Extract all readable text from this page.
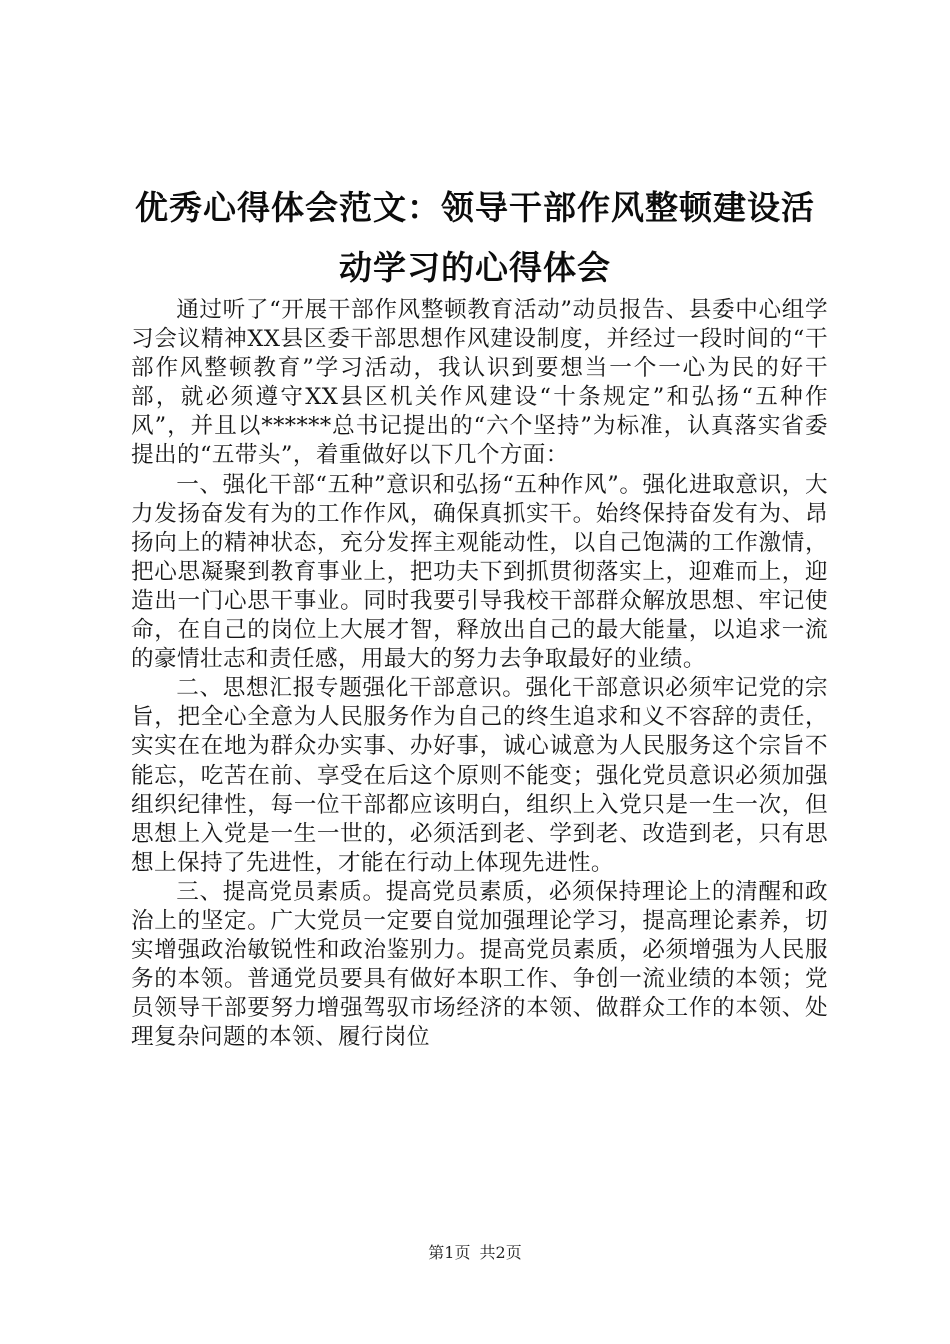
优秀心得体会范文：领导干部作风整顿建设活
动学习的心得体会

通过听了“开展干部作风整顿教育活动”动员报告、县委中心组学习会议精神XX县区委干部思想作风建设制度，并经过一段时间的“干部作风整顿教育”学习活动，我认识到要想当一个一心为民的好干部，就必须遵守XX县区机关作风建设“十条规定”和弘扬“五种作风”，并且以******总书记提出的“六个坚持”为标准，认真落实省委提出的“五带头”，着重做好以下几个方面：

一、强化干部“五种”意识和弘扬“五种作风”。强化进取意识，大力发扬奋发有为的工作作风，确保真抓实干。始终保持奋发有为、昂扬向上的精神状态，充分发挥主观能动性，以自己饱满的工作激情，把心思凝聚到教育事业上，把功夫下到抓贯彻落实上，迎难而上，迎造出一门心思干事业。同时我要引导我校干部群众解放思想、牢记使命，在自己的岗位上大展才智，释放出自己的最大能量，以追求一流的豪情壮志和责任感，用最大的努力去争取最好的业绩。

二、思想汇报专题强化干部意识。强化干部意识必须牢记党的宗旨，把全心全意为人民服务作为自己的终生追求和义不容辞的责任，实实在在地为群众办实事、办好事，诚心诚意为人民服务这个宗旨不能忘，吃苦在前、享受在后这个原则不能变；强化党员意识必须加强组织纪律性，每一位干部都应该明白，组织上入党只是一生一次，但思想上入党是一生一世的，必须活到老、学到老、改造到老，只有思想上保持了先进性，才能在行动上体现先进性。

三、提高党员素质。提高党员素质，必须保持理论上的清醒和政治上的坚定。广大党员一定要自觉加强理论学习，提高理论素养，切实增强政治敏锐性和政治鉴别力。提高党员素质，必须增强为人民服务的本领。普通党员要具有做好本职工作、争创一流业绩的本领；党员领导干部要努力增强驾驭市场经济的本领、做群众工作的本领、处理复杂问题的本领、履行岗位

第1页 共2页
